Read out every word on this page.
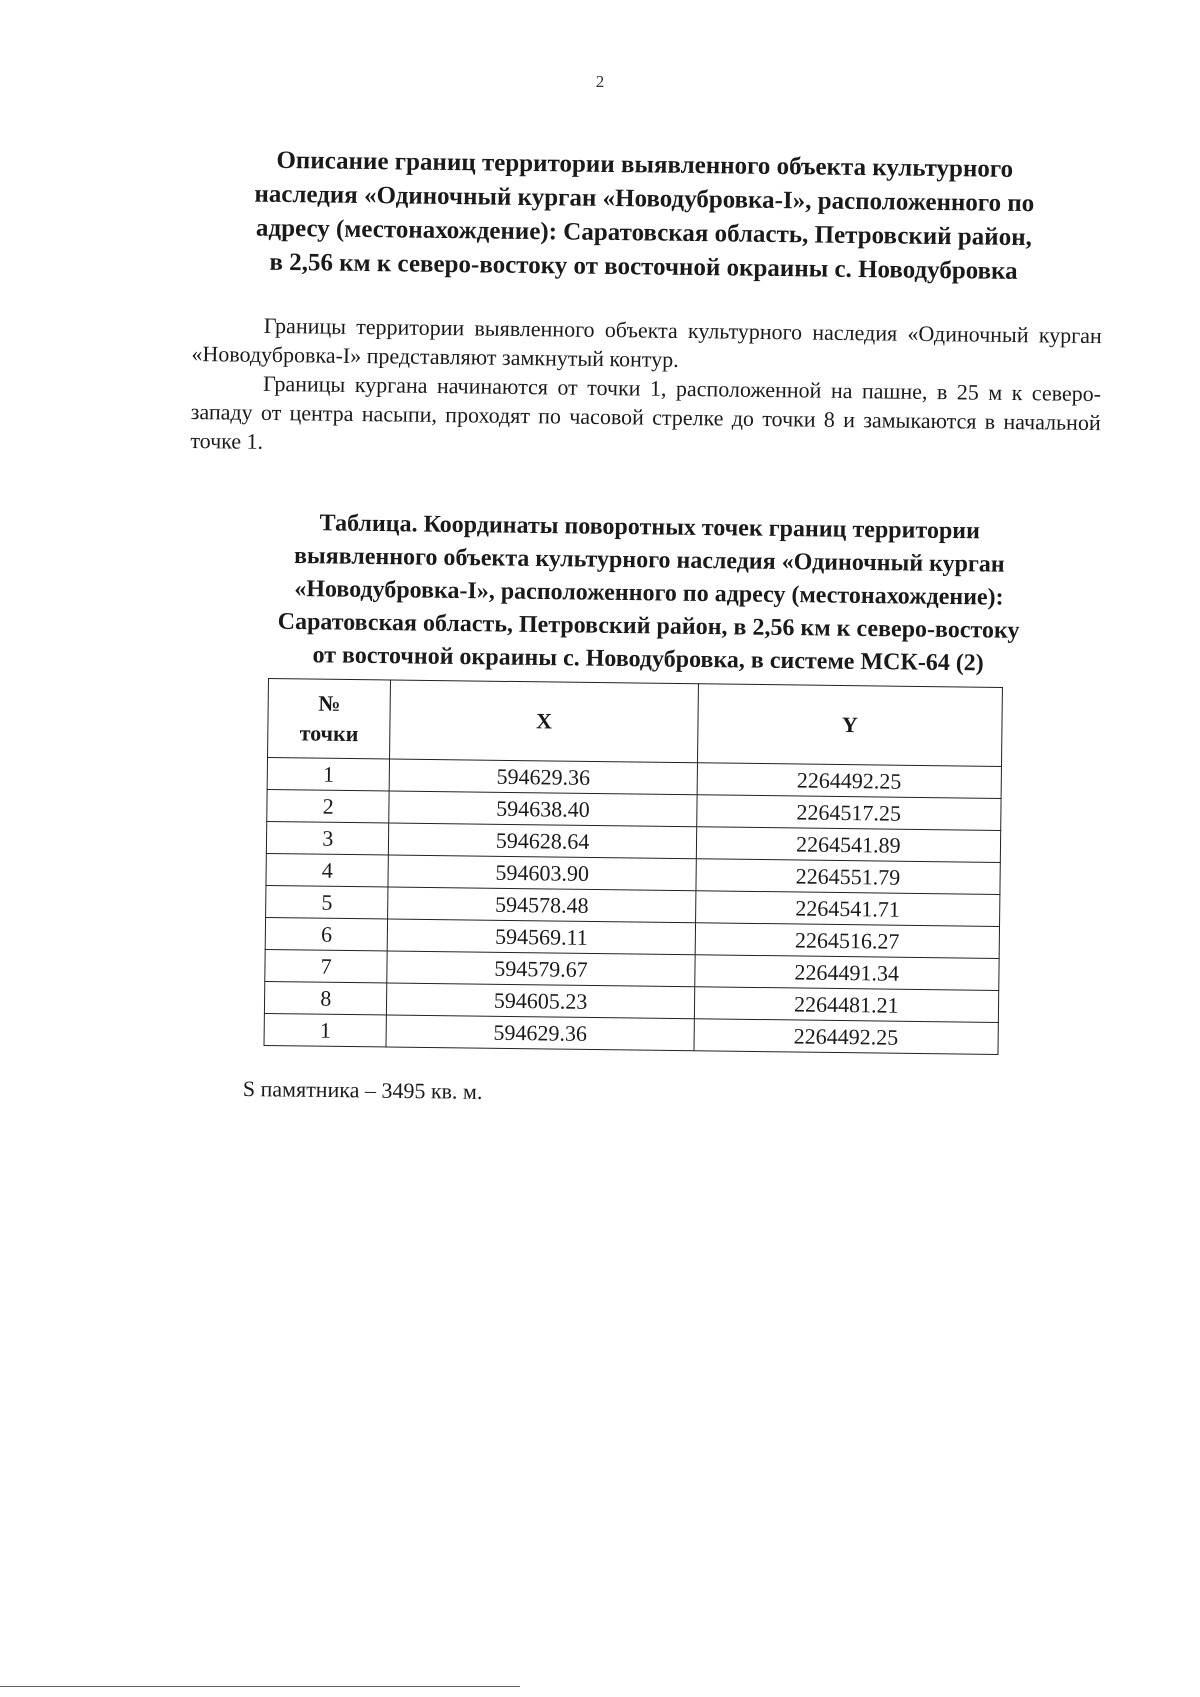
2
Описание границ территории выявленного объекта культурного
наследия «Одиночный курган «Новодубровка-I», расположенного по
адресу (местонахождение): Саратовская область, Петровский район,
в 2,56 км к северо-востоку от восточной окраины с. Новодубровка

Границы территории выявленного объекта культурного наследия «Одиночный курган «Новодубровка-I» представляют замкнутый контур.

Границы кургана начинаются от точки 1, расположенной на пашне, в 25 м к северо-западу от центра насыпи, проходят по часовой стрелке до точки 8 и замыкаются в начальной точке 1.

Таблица. Координаты поворотных точек границ территории
выявленного объекта культурного наследия «Одиночный курган
«Новодубровка-I», расположенного по адресу (местонахождение):
Саратовская область, Петровский район, в 2,56 км к северо-востоку
от восточной окраины с. Новодубровка, в системе МСК-64 (2)
№
точки	X	Y
1	594629.36	2264492.25
2	594638.40	2264517.25
3	594628.64	2264541.89
4	594603.90	2264551.79
5	594578.48	2264541.71
6	594569.11	2264516.27
7	594579.67	2264491.34
8	594605.23	2264481.21
1	594629.36	2264492.25
S памятника – 3495 кв. м.
